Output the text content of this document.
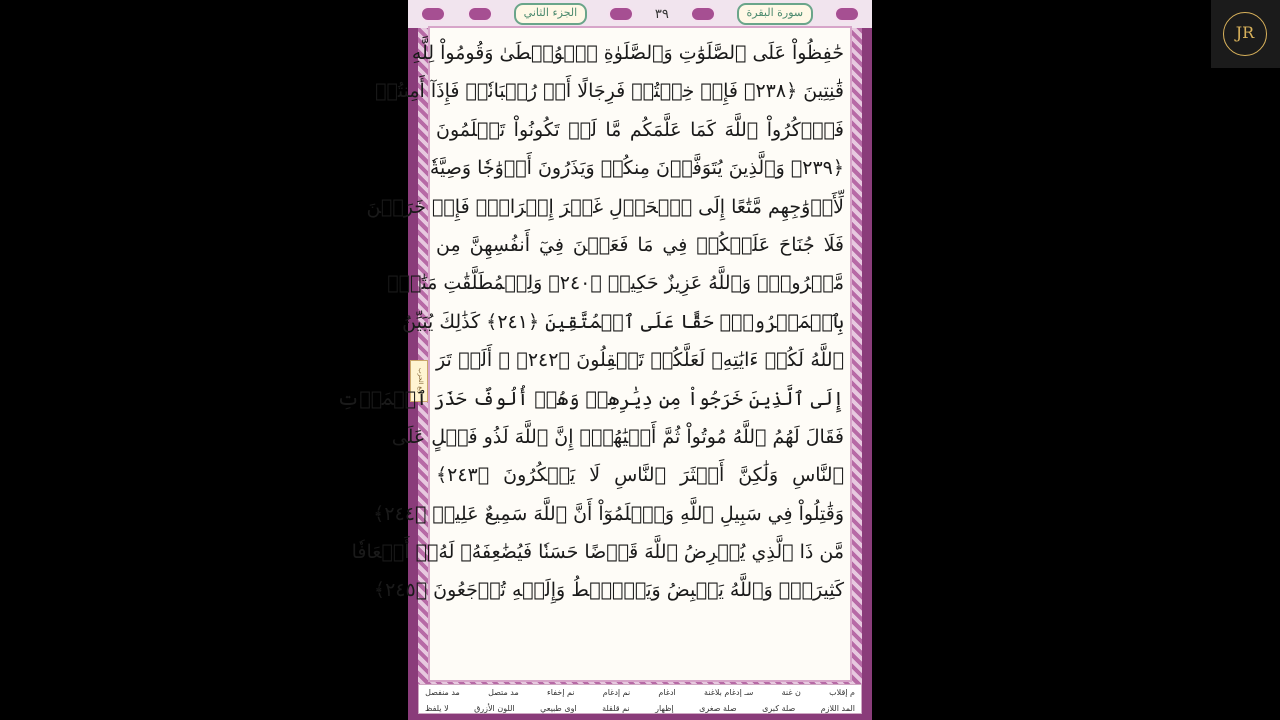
الجزء الثاني	٣٩	سورة البقرة
ربع الحزب
حَٰفِظُواْ عَلَى ٱلصَّلَوَٰتِ وَٱلصَّلَوٰةِ ٱلۡوُسۡطَىٰ وَقُومُواْ لِلَّهِ
قَٰنِتِينَ ﴿٢٣٨﴾ فَإِنۡ خِفۡتُمۡ فَرِجَالًا أَوۡ رُكۡبَانٗاۖ فَإِذَآ أَمِنتُمۡ
فَٱذۡكُرُواْ ٱللَّهَ كَمَا عَلَّمَكُم مَّا لَمۡ تَكُونُواْ تَعۡلَمُونَ
﴿٢٣٩﴾ وَٱلَّذِينَ يُتَوَفَّوۡنَ مِنكُمۡ وَيَذَرُونَ أَزۡوَٰجٗا وَصِيَّةٗ
لِّأَزۡوَٰجِهِم مَّتَٰعًا إِلَى ٱلۡحَوۡلِ غَيۡرَ إِخۡرَاجٖۚ فَإِنۡ خَرَجۡنَ
فَلَا جُنَاحَ عَلَيۡكُمۡ فِي مَا فَعَلۡنَ فِيٓ أَنفُسِهِنَّ مِن
مَّعۡرُوفٖۗ وَٱللَّهُ عَزِيزٌ حَكِيمٞ ﴿٢٤٠﴾ وَلِلۡمُطَلَّقَٰتِ مَتَٰعُۢ
بِٱلۡمَعۡرُوفِۖ حَقًّا عَلَى ٱلۡمُتَّقِينَ ﴿٢٤١﴾ كَذَٰلِكَ يُبَيِّنُ
ٱللَّهُ لَكُمۡ ءَايَٰتِهِۦ لَعَلَّكُمۡ تَعۡقِلُونَ ﴿٢٤٢﴾ ۞ أَلَمۡ تَرَ
إِلَى ٱلَّذِينَ خَرَجُواْ مِن دِيَٰرِهِمۡ وَهُمۡ أُلُوفٌ حَذَرَ ٱلۡمَوۡتِ
فَقَالَ لَهُمُ ٱللَّهُ مُوتُواْ ثُمَّ أَحۡيَٰهُمۡۚ إِنَّ ٱللَّهَ لَذُو فَضۡلٍ عَلَى
ٱلنَّاسِ وَلَٰكِنَّ أَكۡثَرَ ٱلنَّاسِ لَا يَشۡكُرُونَ ﴿٢٤٣﴾
وَقَٰتِلُواْ فِي سَبِيلِ ٱللَّهِ وَٱعۡلَمُوٓاْ أَنَّ ٱللَّهَ سَمِيعٌ عَلِيمٞ ﴿٢٤٤﴾
مَّن ذَا ٱلَّذِي يُقۡرِضُ ٱللَّهَ قَرۡضًا حَسَنٗا فَيُضَٰعِفَهُۥ لَهُۥٓ أَضۡعَافٗا
كَثِيرَةٗۚ وَٱللَّهُ يَقۡبِضُ وَيَبۡصُۜطُ وَإِلَيۡهِ تُرۡجَعُونَ ﴿٢٤٥﴾
م إقلاب
ن غنة
سـ إدغام بلاغنة
ادغام
نم إدغام
نم إخفاء
مد متصل
مد منفصل
المد اللازم
صلة كبرى
صلة صغرى
إظهار
نم قلقلة
اوى طبيعي
اللون الأزرق
لا يلفظ
JR
